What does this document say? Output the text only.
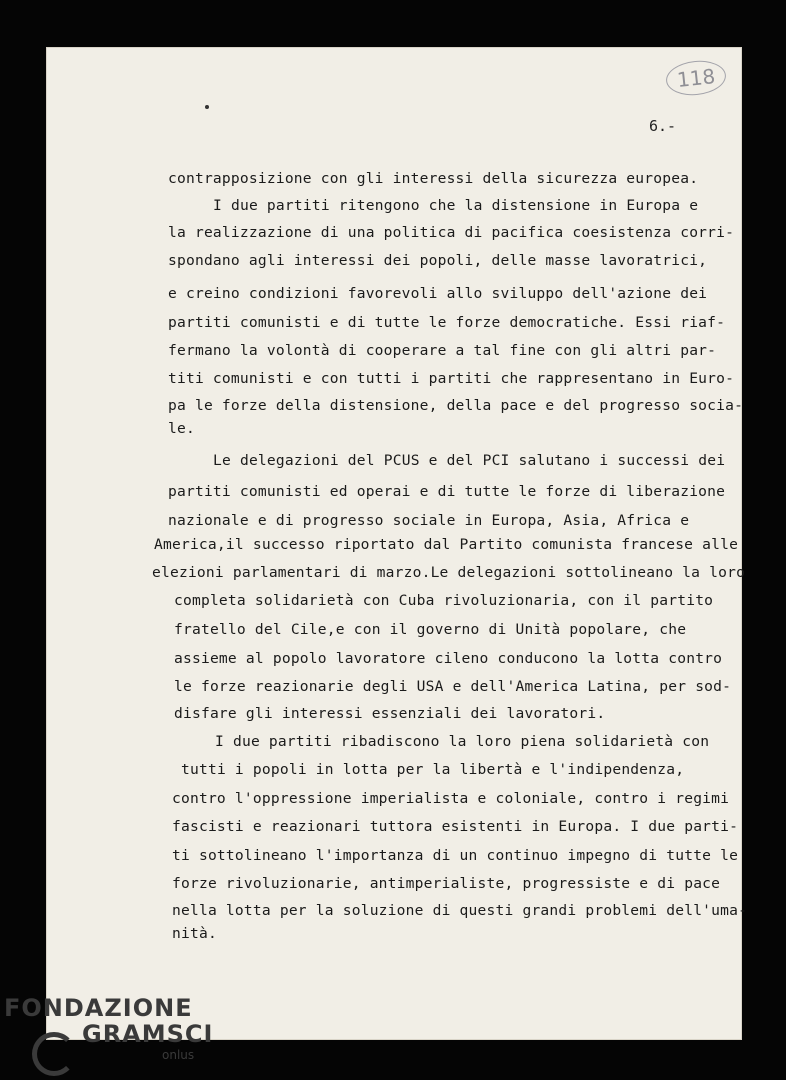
118
6.-
contrapposizione con gli interessi della sicurezza europea.
I due partiti ritengono che la distensione in Europa e
la realizzazione di una politica di pacifica coesistenza corri-
spondano agli interessi dei popoli, delle masse lavoratrici,
e creino condizioni favorevoli allo sviluppo dell'azione dei
partiti comunisti e di tutte le forze democratiche. Essi riaf-
fermano la volontà di cooperare a tal fine con gli altri par-
titi comunisti e con tutti i partiti che rappresentano in Euro-
pa le forze della distensione, della pace e del progresso socia-
le.
Le delegazioni del PCUS e del PCI salutano i successi dei
partiti comunisti ed operai e di tutte le forze di liberazione
nazionale e di progresso sociale in Europa, Asia, Africa e
America,il successo riportato dal Partito comunista francese alle
elezioni parlamentari di marzo.Le delegazioni sottolineano la loro
completa solidarietà con Cuba rivoluzionaria, con il partito
fratello del Cile,e con il governo di Unità popolare, che
assieme al popolo lavoratore cileno conducono la lotta contro
le forze reazionarie degli USA e dell'America Latina, per sod-
disfare gli interessi essenziali dei lavoratori.
I due partiti ribadiscono la loro piena solidarietà con
tutti i popoli in lotta per la libertà e l'indipendenza,
contro l'oppressione imperialista e coloniale, contro i regimi
fascisti e reazionari tuttora esistenti in Europa. I due parti-
ti sottolineano l'importanza di un continuo impegno di tutte le
forze rivoluzionarie, antimperialiste, progressiste e di pace
nella lotta per la soluzione di questi grandi problemi dell'uma-
nità.
FONDAZIONE
GRAMSCI
onlus
